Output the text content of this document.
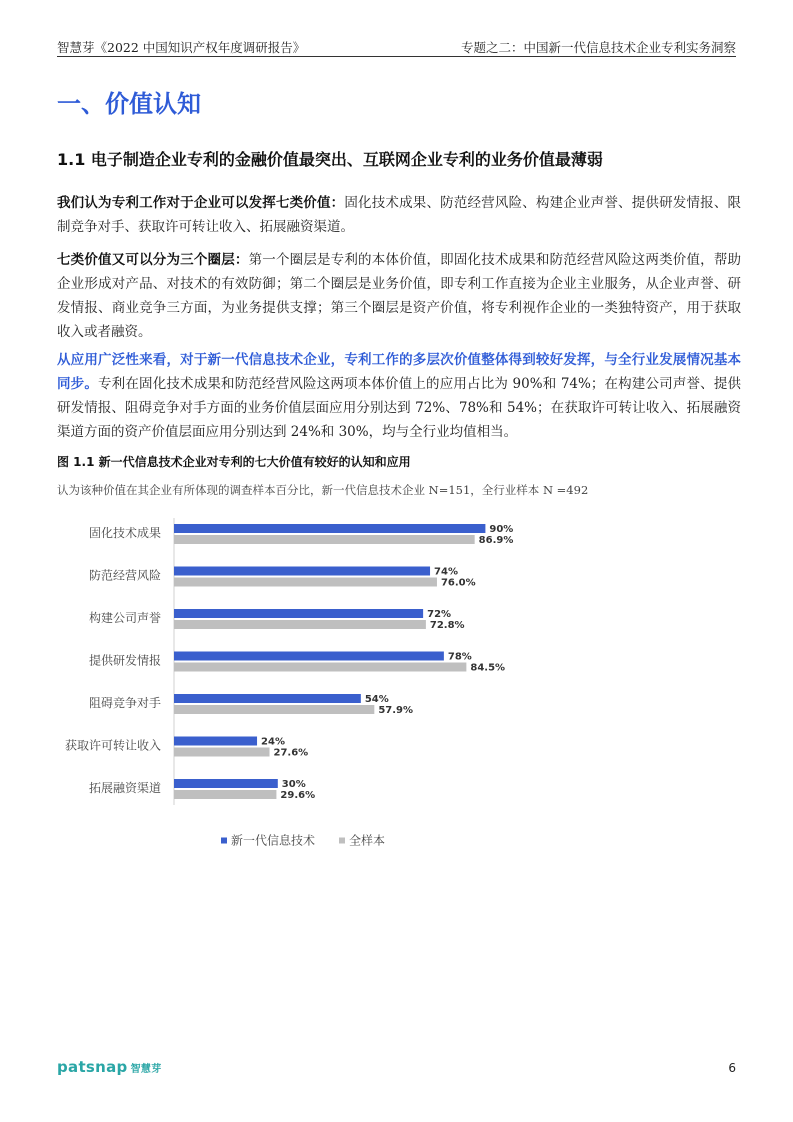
智慧芽《2022 中国知识产权年度调研报告》	专题之二：中国新一代信息技术企业专利实务洞察
一、价值认知
1.1 电子制造企业专利的金融价值最突出、互联网企业专利的业务价值最薄弱
我们认为专利工作对于企业可以发挥七类价值：固化技术成果、防范经营风险、构建企业声誉、提供研发情报、限制竞争对手、获取许可转让收入、拓展融资渠道。
七类价值又可以分为三个圈层：第一个圈层是专利的本体价值，即固化技术成果和防范经营风险这两类价值，帮助企业形成对产品、对技术的有效防御；第二个圈层是业务价值，即专利工作直接为企业主业服务，从企业声誉、研发情报、商业竞争三方面，为业务提供支撑；第三个圈层是资产价值，将专利视作企业的一类独特资产，用于获取收入或者融资。
从应用广泛性来看，对于新一代信息技术企业，专利工作的多层次价值整体得到较好发挥，与全行业发展情况基本同步。专利在固化技术成果和防范经营风险这两项本体价值上的应用占比为 90%和 74%；在构建公司声誉、提供研发情报、阻碍竞争对手方面的业务价值层面应用分别达到 72%、78%和 54%；在获取许可转让收入、拓展融资渠道方面的资产价值层面应用分别达到 24%和 30%，均与全行业均值相当。
图 1.1 新一代信息技术企业对专利的七大价值有较好的认知和应用
认为该种价值在其企业有所体现的调查样本百分比，新一代信息技术企业 N=151，全行业样本 N =492
固化技术成果	90%
86.9%
防范经营风险	74%
76.0%
构建公司声誉	72%
72.8%
提供研发情报	78%
84.5%
阻碍竞争对手	54%
57.9%
获取许可转让收入	24%
27.6%
拓展融资渠道	30%
29.6%
新一代信息技术	全样本
patsnap 智慧芽	6
